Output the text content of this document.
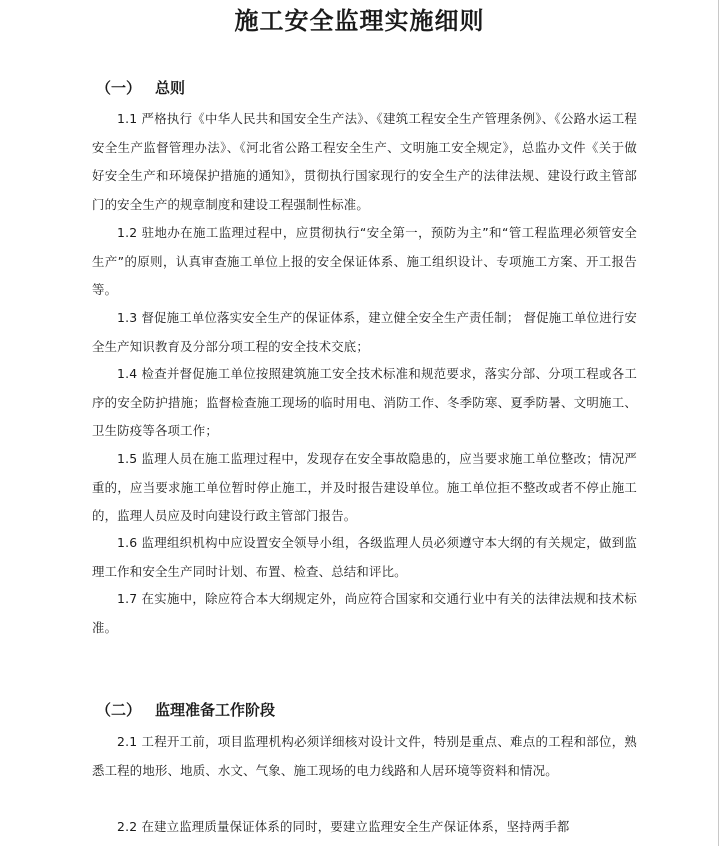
施工安全监理实施细则
（一） 总则

1.1 严格执行《中华人民共和国安全生产法》、《建筑工程安全生产管理条例》、《公路水运工程安全生产监督管理办法》、《河北省公路工程安全生产、文明施工安全规定》，总监办文件《关于做好安全生产和环境保护措施的通知》，贯彻执行国家现行的安全生产的法律法规、建设行政主管部门的安全生产的规章制度和建设工程强制性标准。

1.2 驻地办在施工监理过程中，应贯彻执行“安全第一，预防为主”和“管工程监理必须管安全生产”的原则，认真审查施工单位上报的安全保证体系、施工组织设计、专项施工方案、开工报告等。

1.3 督促施工单位落实安全生产的保证体系，建立健全安全生产责任制； 督促施工单位进行安全生产知识教育及分部分项工程的安全技术交底；

1.4 检查并督促施工单位按照建筑施工安全技术标准和规范要求，落实分部、分项工程或各工序的安全防护措施；监督检查施工现场的临时用电、消防工作、冬季防寒、夏季防暑、文明施工、卫生防疫等各项工作；

1.5 监理人员在施工监理过程中，发现存在安全事故隐患的，应当要求施工单位整改；情况严重的，应当要求施工单位暂时停止施工，并及时报告建设单位。施工单位拒不整改或者不停止施工的，监理人员应及时向建设行政主管部门报告。

1.6 监理组织机构中应设置安全领导小组，各级监理人员必须遵守本大纲的有关规定，做到监理工作和安全生产同时计划、布置、检查、总结和评比。

1.7 在实施中，除应符合本大纲规定外，尚应符合国家和交通行业中有关的法律法规和技术标准。

（二） 监理准备工作阶段

2.1 工程开工前，项目监理机构必须详细核对设计文件，特别是重点、难点的工程和部位，熟悉工程的地形、地质、水文、气象、施工现场的电力线路和人居环境等资料和情况。

2.2 在建立监理质量保证体系的同时，要建立监理安全生产保证体系，坚持两手都
